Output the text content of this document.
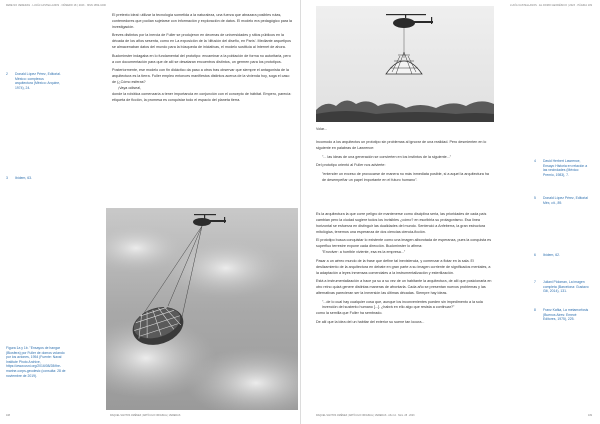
FEBE NO VEREDAS · LUCÍA CASTELLANOS · NÚMERO 18 | 2023 · ISSN 1852-1000

El pretexto ideal: utilizar la tecnología sometida a la naturaleza, una fuerza que abrazara posibles rutas, contenedores que podían sujetarse con información y exploración de datos. El modelo era pedagógico para la investigación.

Breves distintos por la inercia de Fuller se produjeron en decenas de universidades y sitios públicos en la década de los años sesenta, como en La exposición de la 'difusión del diseño, en París'. Mediante arquetipos se almacenaban datos del mundo para la búsqueda de iniciativas, el modelo sustituía al Internet de ahora.

Buckminster indagaba en lo fundamental del prototipo: encaminar a la población de forma no autoritaria, pero a con documentación para que de allí se desataran encuentros distintos, un germen para los prototipos.

Posteriormente, ese modelo con fin didáctico da paso a otros tras observar que siempre el antagonista de la arquitectura es la tierra. Fuller empleo entonces manifiestos distintos acerca de la vivienda hoy, soga el caso de (¿Cómo esferas?

¡Vaya odisea!,

donde la robótica comenzaría a tener importancia en conjunción con el concepto de hábitat. Empero, parecía: etiqueta de ficción, la promesa es conquistar todo el espacio del planeta tierra.

2 Donald López Pérez, Editorial. México: complexus arquitectura (México: Arquine, 1974), 24.
3 Ibídem, 63.
Figura 1a y 1b. "Ensayos de hangar (Biosfera) por Fuller de domos volando por los aviones, 1954 (Fuente: Naval Institute Photo Archive, https://www.usni.org/2016/08/28/the-marine-corps-geodesic (consulta: 28 de noviembre de 2019).
108	RAQUEL SANTOS JIMÉNEZ | ARTÍCULO ORIGINAL | VEREDAS
LUCÍA CASTELLANOS · EL DOMO GEODÉSICO | 2023 · PÁGINA 109
Volar...

Incomodo a los arquitectos un prototipo sin problemas al ignorar de una realidad. Pero desmienten en lo siguiente en palabras de Lawrence:

"... las ideas de una generación se convierten en los instintos de la siguiente..."

Del prototipo orientó al Fuller nos advierte:

"entender un exceso de provocarse de manera no más inmediata posible, si a aquel la arquitectura ha de desempeñar un papel importante en el futuro humano".

Es la arquitectura la que corre peligro de mantenerse como disciplina seria, las prioridades de cada país cambian pero la ciudad sugiere todos los invisibles ¿cómo? en escribirla su protagonismo. Esa línea horizontal se esfuerza en distinguir las dualidades del mundo. Sentenció a Anfeberra, la gran estructura mitológica, tenemos una esperanza de dos ciencias ciencia-ficción.

El prototipo busca conquistar lo existente como una imagen alborotada de esperanza, pues la conquista es superfluo terrestre expone cada dirección. Buckminster lo afirma:

"Envolver: a horrible viviente, esa es la empresa..."

Pasar a un aéreo mundo de la frase que define tal inexistencia, y comenzar a flotar en la sala. El deslizamiento de la arquitectura en debate en gran parte a su imagen corriente de significados mentales, a la adaptación a leyes inmensas comerciales a la instrumentalización y esterilización.

Está a instrumentalización a hace ya su a su vez de un habitante la arquitectura, de allí que posicionarla en otro reino quizá genere distintas maneras de afrontarla. Cada año se presentan nuevos problemas y las alternativas parecieran ser la inmersión las últimas décadas. Siempre hay ideas.

"...de lo cual hay cualquier cosa que, aunque los inconvenientes pueden sin impedimento a la sola invención del sustento humano [...]. ¿habrá en ello algo que resista a continuar?"

como la semilla que Fuller ha sembrado.

De allí que la idea del un habitar del exterior su suene tan locura...

4 David Herbert Lawrence, Ensayo Historia en relación a las vecindades (México: Premio, 1983), 7.
5 Donald López Pérez, Editorial Méx, cit., 89.
6 Ibídem, 62.
7 Juliani Pidoman, La imagen completa (Barcelona: Gustavo Gili, 2014), 131.
8 Franz Kafka, La metamorfosis (Buenos Aires: Emecé Editores, 1975), 225.
RAQUEL SANTOS JIMÉNEZ | ARTÍCULO ORIGINAL | VEREDAS · Año 14 · Núm. 28 · 2023	109
